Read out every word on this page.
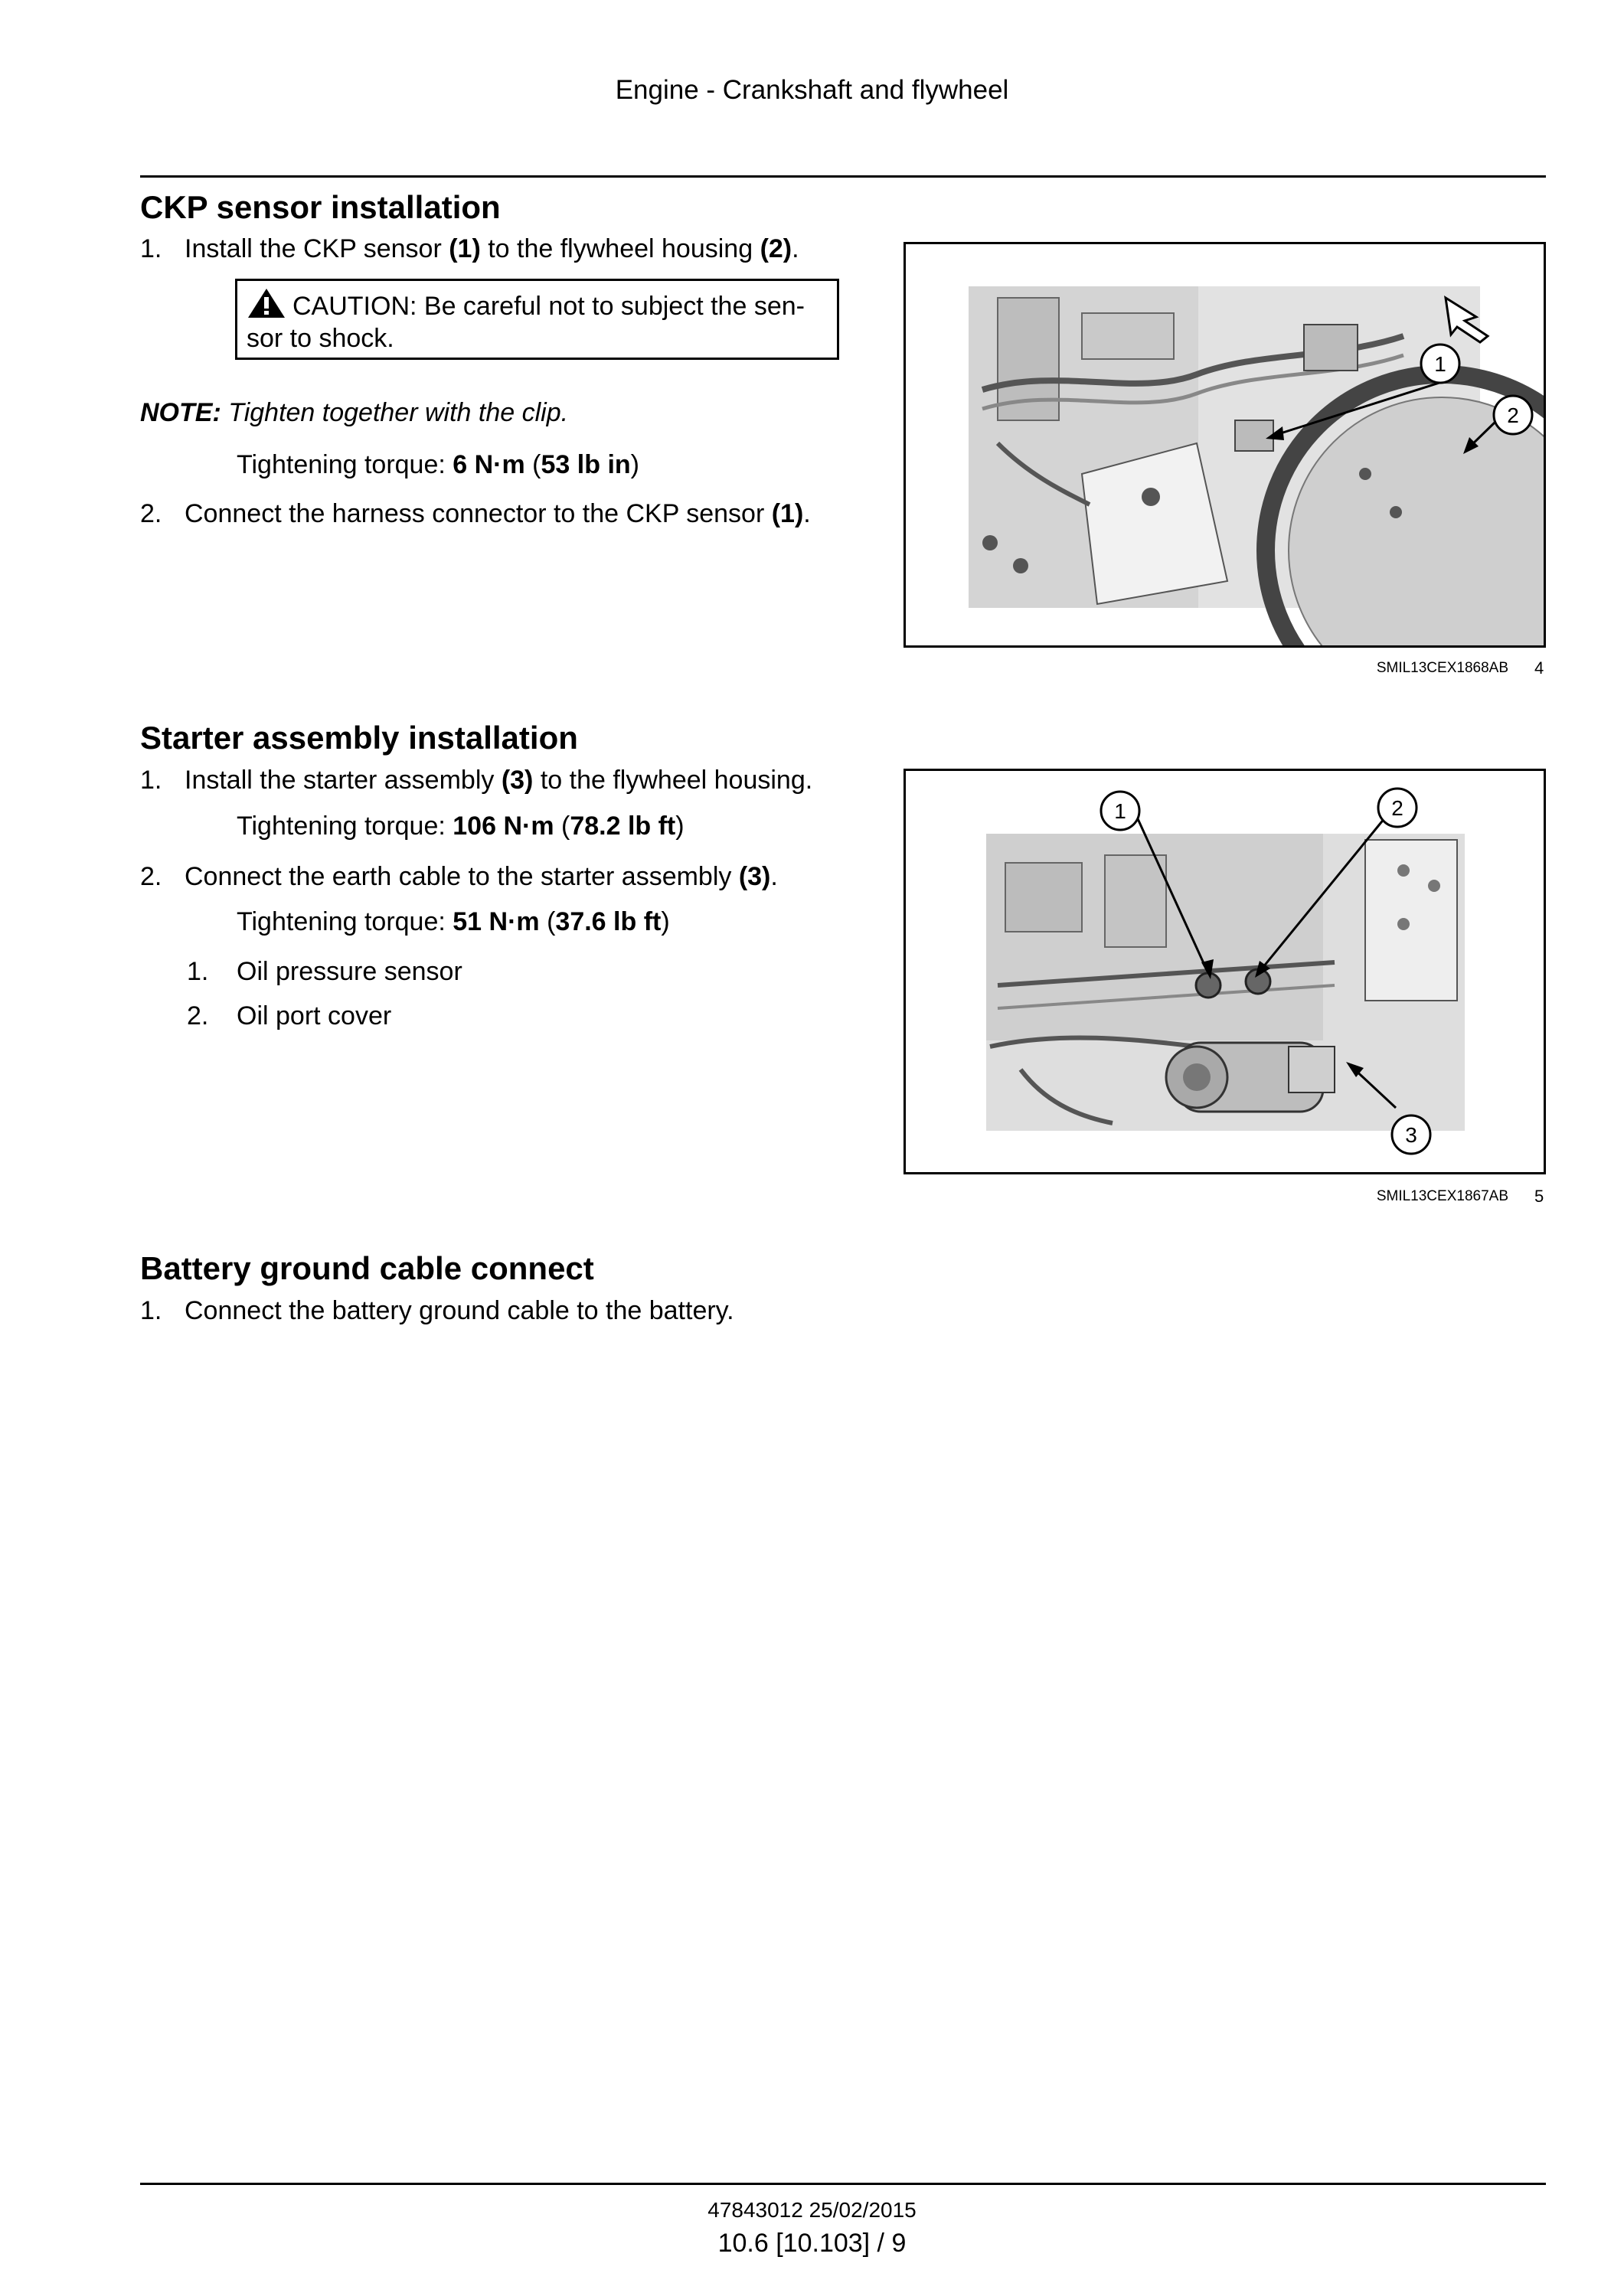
Engine - Crankshaft and flywheel
CKP sensor installation
1. Install the CKP sensor (1) to the flywheel housing (2).
CAUTION: Be careful not to subject the sen-
sor to shock.
NOTE: Tighten together with the clip.
Tightening torque: 6 N·m (53 lb in)
2. Connect the harness connector to the CKP sensor (1).
1
2
SMIL13CEX1868AB 4
Starter assembly installation
1. Install the starter assembly (3) to the flywheel housing.
Tightening torque: 106 N·m (78.2 lb ft)
2. Connect the earth cable to the starter assembly (3).
Tightening torque: 51 N·m (37.6 lb ft)
1. Oil pressure sensor
2. Oil port cover
1	2
3
SMIL13CEX1867AB 5
Battery ground cable connect
1. Connect the battery ground cable to the battery.
47843012 25/02/2015
10.6 [10.103] / 9
